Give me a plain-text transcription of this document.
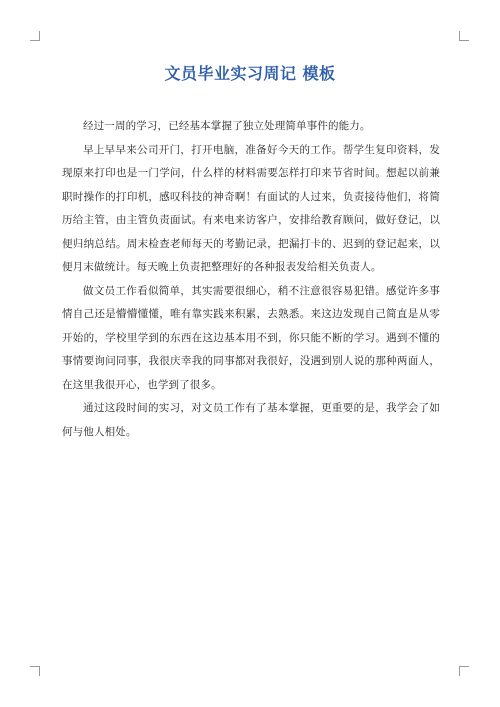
文员毕业实习周记 模板

经过一周的学习，已经基本掌握了独立处理简单事件的能力。

早上早早来公司开门，打开电脑，准备好今天的工作。帮学生复印资料，发现原来打印也是一门学问，什么样的材料需要怎样打印来节省时间。想起以前兼 职时操作的打印机，感叹科技的神奇啊！有面试的人过来，负责接待他们，将简历给主管，由主管负责面试。有来电来访客户，安排给教育顾问，做好登记，以便归纳总结。周末检查老师每天的考勤记录，把漏打卡的、迟到的登记起来，以便月末做统计。每天晚上负责把整理好的各种报表发给相关负责人。

做文员工作看似简单，其实需要很细心，稍不注意很容易犯错。感觉许多事情自己还是懵懵懂懂，唯有靠实践来积累，去熟悉。来这边发现自己简直是从零开始的，学校里学到的东西在这边基本用不到，你只能不断的学习。遇到不懂的事情要询问同事，我很庆幸我的同事都对我很好，没遇到别人说的那种两面人，在这里我很开心，也学到了很多。

通过这段时间的实习，对文员工作有了基本掌握，更重要的是，我学会了如何与他人相处。
